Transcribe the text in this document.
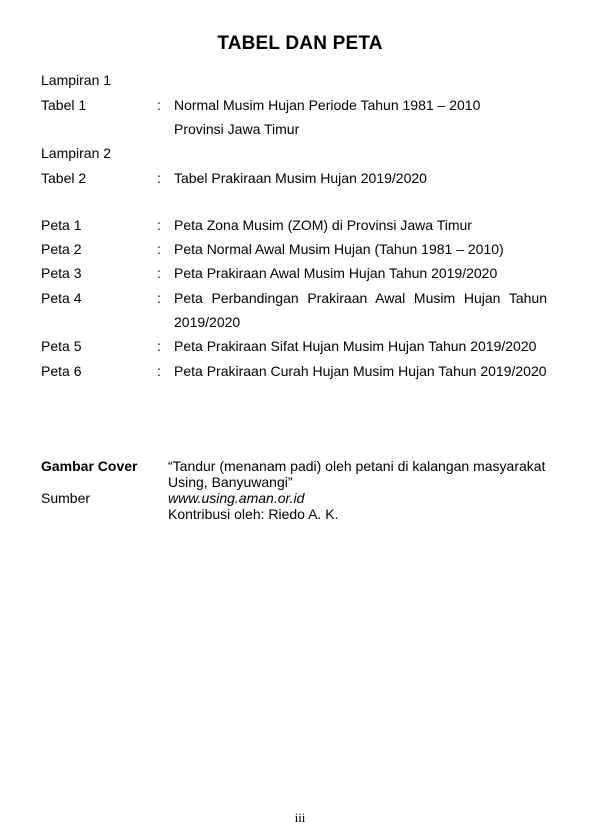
TABEL DAN PETA
Lampiran 1
Tabel 1	: Normal Musim Hujan Periode Tahun 1981 – 2010
Provinsi Jawa Timur
Lampiran 2
Tabel 2	: Tabel Prakiraan Musim Hujan 2019/2020
Peta 1	: Peta Zona Musim (ZOM) di Provinsi Jawa Timur
Peta 2	: Peta Normal Awal Musim Hujan (Tahun 1981 – 2010)
Peta 3	: Peta Prakiraan Awal Musim Hujan Tahun 2019/2020
Peta 4	: Peta Perbandingan Prakiraan Awal Musim Hujan Tahun
2019/2020
Peta 5	: Peta Prakiraan Sifat Hujan Musim Hujan Tahun 2019/2020
Peta 6	: Peta Prakiraan Curah Hujan Musim Hujan Tahun 2019/2020
Gambar Cover “Tandur (menanam padi) oleh petani di kalangan masyarakat
Using, Banyuwangi”
Sumber	www.using.aman.or.id
Kontribusi oleh: Riedo A. K.
iii
